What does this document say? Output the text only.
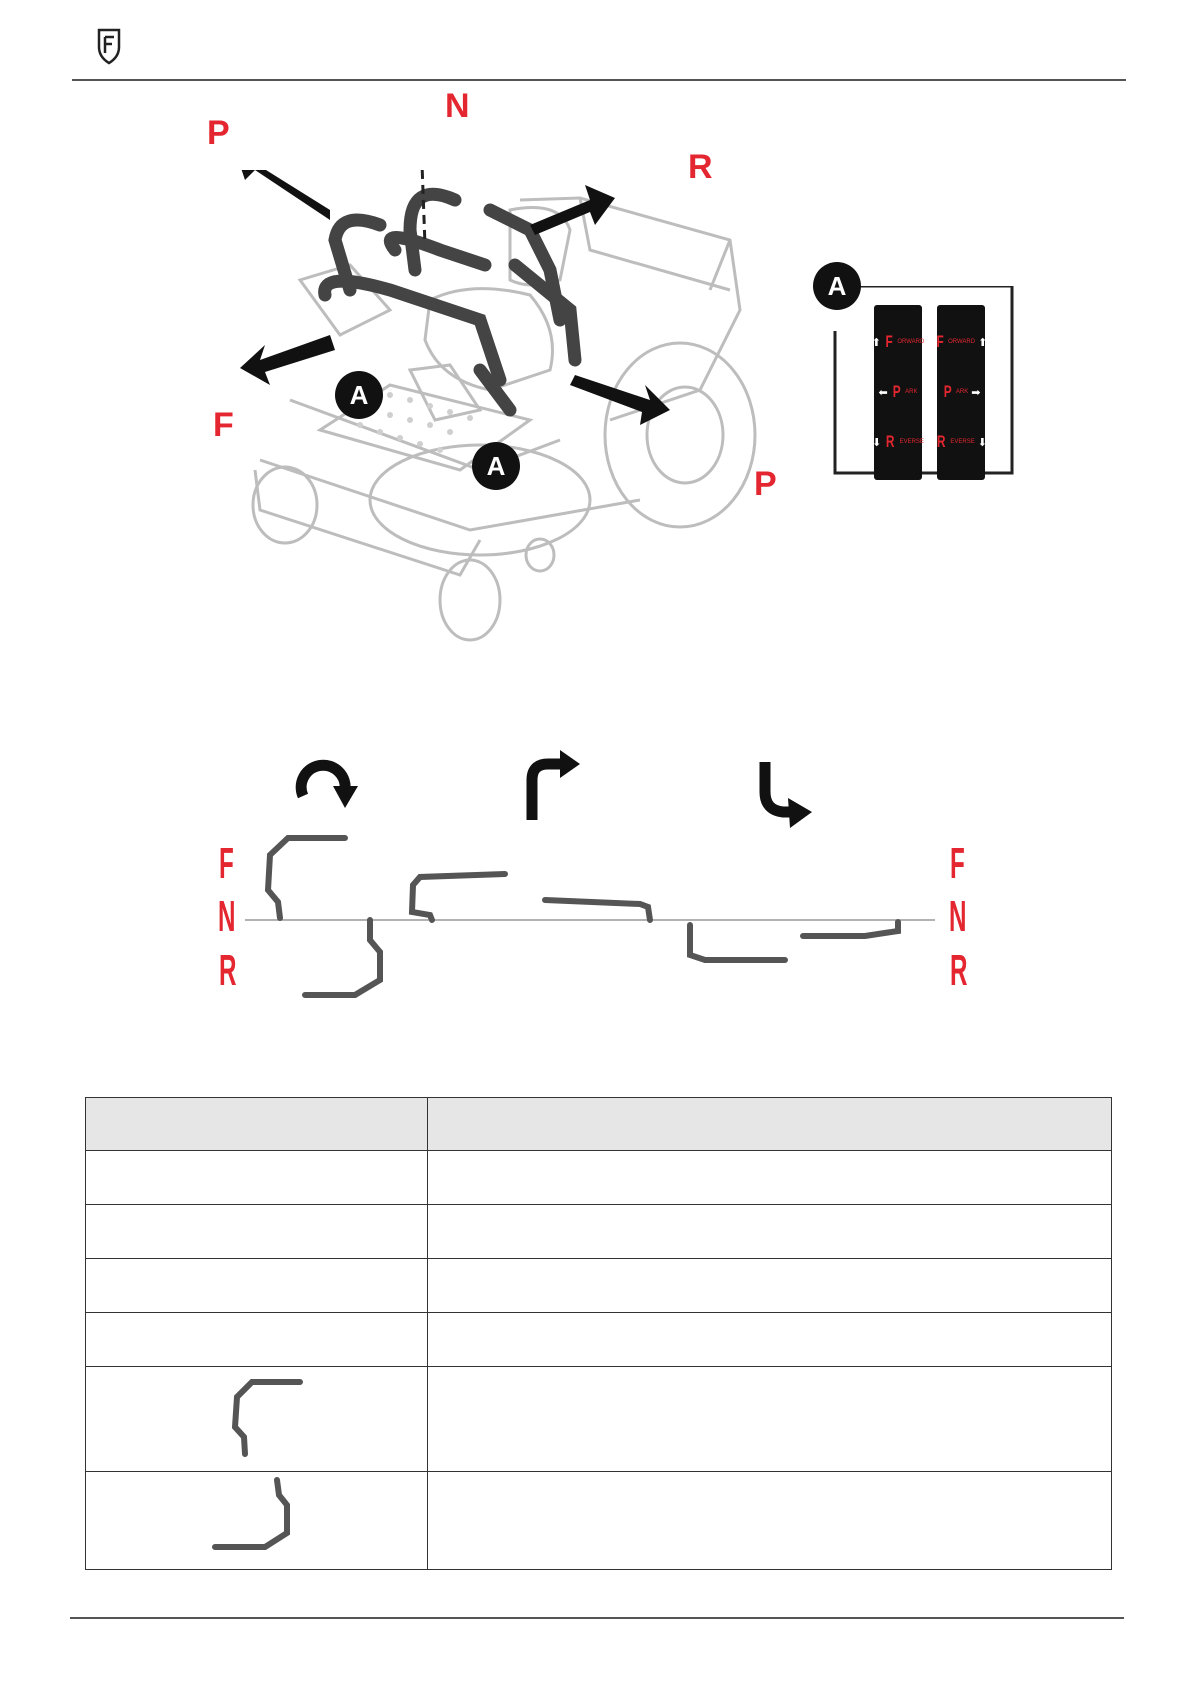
P
N
R
F
P
A
A
A
⬆ F ORWARD
⬅ P ARK
⬇ R EVERSE
F ORWARD ⬆
P ARK ➡
R EVERSE ⬇
F
N
R
F
N
R
